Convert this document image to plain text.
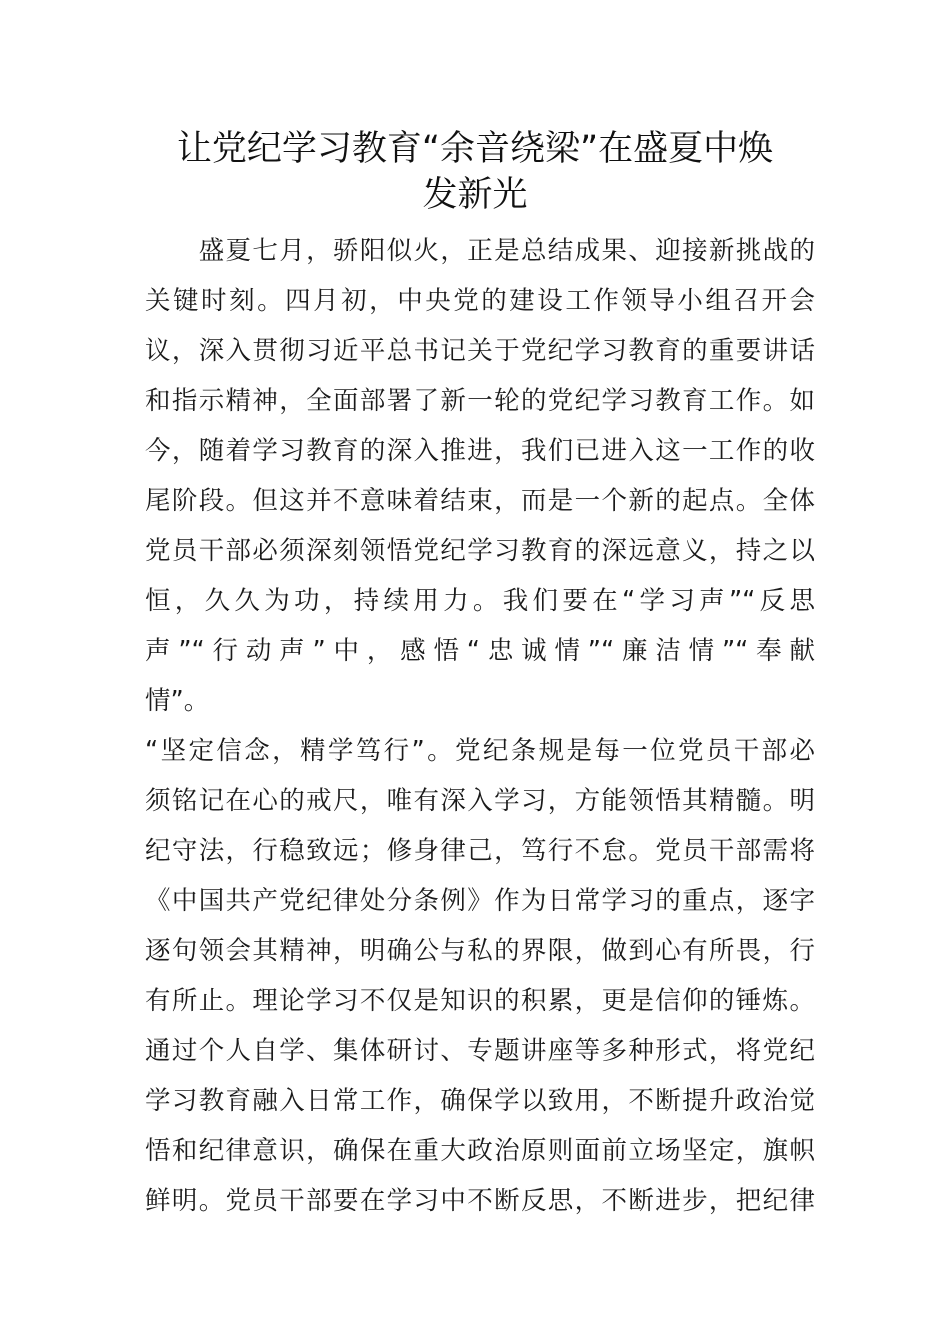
让党纪学习教育“余音绕梁”在盛夏中焕
发新光
　　盛夏七月，骄阳似火，正是总结成果、迎接新挑战的
关键时刻。四月初，中央党的建设工作领导小组召开会
议，深入贯彻习近平总书记关于党纪学习教育的重要讲话
和指示精神，全面部署了新一轮的党纪学习教育工作。如
今，随着学习教育的深入推进，我们已进入这一工作的收
尾阶段。但这并不意味着结束，而是一个新的起点。全体
党员干部必须深刻领悟党纪学习教育的深远意义，持之以
恒，久久为功，持续用力。我们要在“学习声”“反思
声”“行动声”中，感悟“忠诚情”“廉洁情”“奉献
情”。
“坚定信念，精学笃行”。党纪条规是每一位党员干部必
须铭记在心的戒尺，唯有深入学习，方能领悟其精髓。明
纪守法，行稳致远；修身律己，笃行不怠。党员干部需将
《中国共产党纪律处分条例》作为日常学习的重点，逐字
逐句领会其精神，明确公与私的界限，做到心有所畏，行
有所止。理论学习不仅是知识的积累，更是信仰的锤炼。
通过个人自学、集体研讨、专题讲座等多种形式，将党纪
学习教育融入日常工作，确保学以致用，不断提升政治觉
悟和纪律意识，确保在重大政治原则面前立场坚定，旗帜
鲜明。党员干部要在学习中不断反思，不断进步，把纪律
